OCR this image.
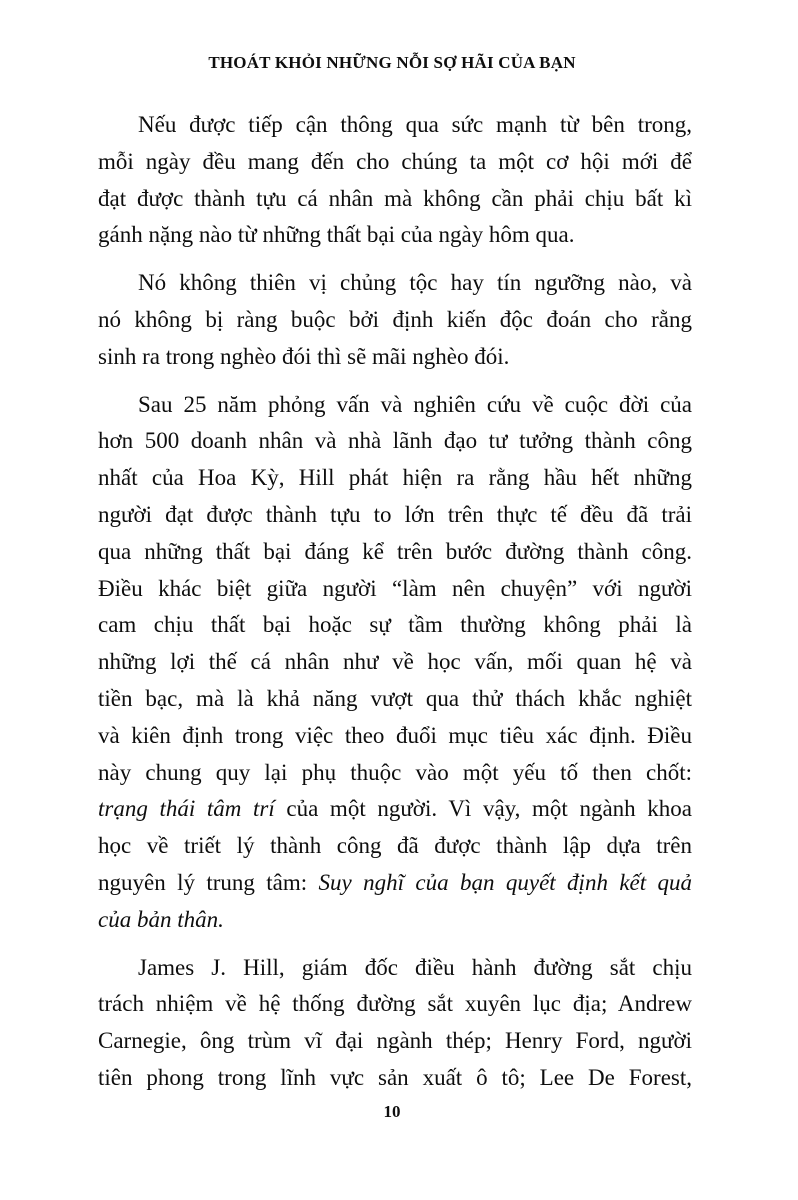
THOÁT KHỎI NHỮNG NỖI SỢ HÃI CỦA BẠN
Nếu được tiếp cận thông qua sức mạnh từ bên trong,
mỗi ngày đều mang đến cho chúng ta một cơ hội mới để
đạt được thành tựu cá nhân mà không cần phải chịu bất kì
gánh nặng nào từ những thất bại của ngày hôm qua.
Nó không thiên vị chủng tộc hay tín ngưỡng nào, và
nó không bị ràng buộc bởi định kiến độc đoán cho rằng
sinh ra trong nghèo đói thì sẽ mãi nghèo đói.
Sau 25 năm phỏng vấn và nghiên cứu về cuộc đời của
hơn 500 doanh nhân và nhà lãnh đạo tư tưởng thành công
nhất của Hoa Kỳ, Hill phát hiện ra rằng hầu hết những
người đạt được thành tựu to lớn trên thực tế đều đã trải
qua những thất bại đáng kể trên bước đường thành công.
Điều khác biệt giữa người “làm nên chuyện” với người
cam chịu thất bại hoặc sự tầm thường không phải là
những lợi thế cá nhân như về học vấn, mối quan hệ và
tiền bạc, mà là khả năng vượt qua thử thách khắc nghiệt
và kiên định trong việc theo đuổi mục tiêu xác định. Điều
này chung quy lại phụ thuộc vào một yếu tố then chốt:
trạng thái tâm trí của một người. Vì vậy, một ngành khoa
học về triết lý thành công đã được thành lập dựa trên
nguyên lý trung tâm: Suy nghĩ của bạn quyết định kết quả
của bản thân.
James J. Hill, giám đốc điều hành đường sắt chịu
trách nhiệm về hệ thống đường sắt xuyên lục địa; Andrew
Carnegie, ông trùm vĩ đại ngành thép; Henry Ford, người
tiên phong trong lĩnh vực sản xuất ô tô; Lee De Forest,
10
